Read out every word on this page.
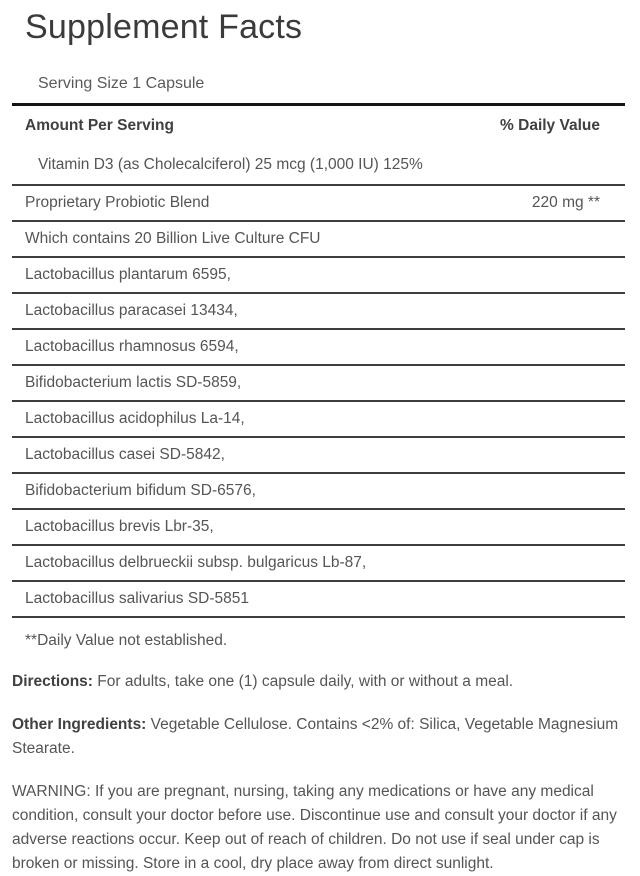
Supplement Facts
Serving Size 1 Capsule
Amount Per Serving	% Daily Value
Vitamin D3 (as Cholecalciferol) 25 mcg (1,000 IU) 125%
Proprietary Probiotic Blend	220 mg **
Which contains 20 Billion Live Culture CFU
Lactobacillus plantarum 6595,
Lactobacillus paracasei 13434,
Lactobacillus rhamnosus 6594,
Bifidobacterium lactis SD-5859,
Lactobacillus acidophilus La-14,
Lactobacillus casei SD-5842,
Bifidobacterium bifidum SD-6576,
Lactobacillus brevis Lbr-35,
Lactobacillus delbrueckii subsp. bulgaricus Lb-87,
Lactobacillus salivarius SD-5851
**Daily Value not established.

Directions: For adults, take one (1) capsule daily, with or without a meal.

Other Ingredients: Vegetable Cellulose. Contains <2% of: Silica, Vegetable Magnesium Stearate.

WARNING: If you are pregnant, nursing, taking any medications or have any medical condition, consult your doctor before use. Discontinue use and consult your doctor if any adverse reactions occur. Keep out of reach of children. Do not use if seal under cap is broken or missing. Store in a cool, dry place away from direct sunlight.
